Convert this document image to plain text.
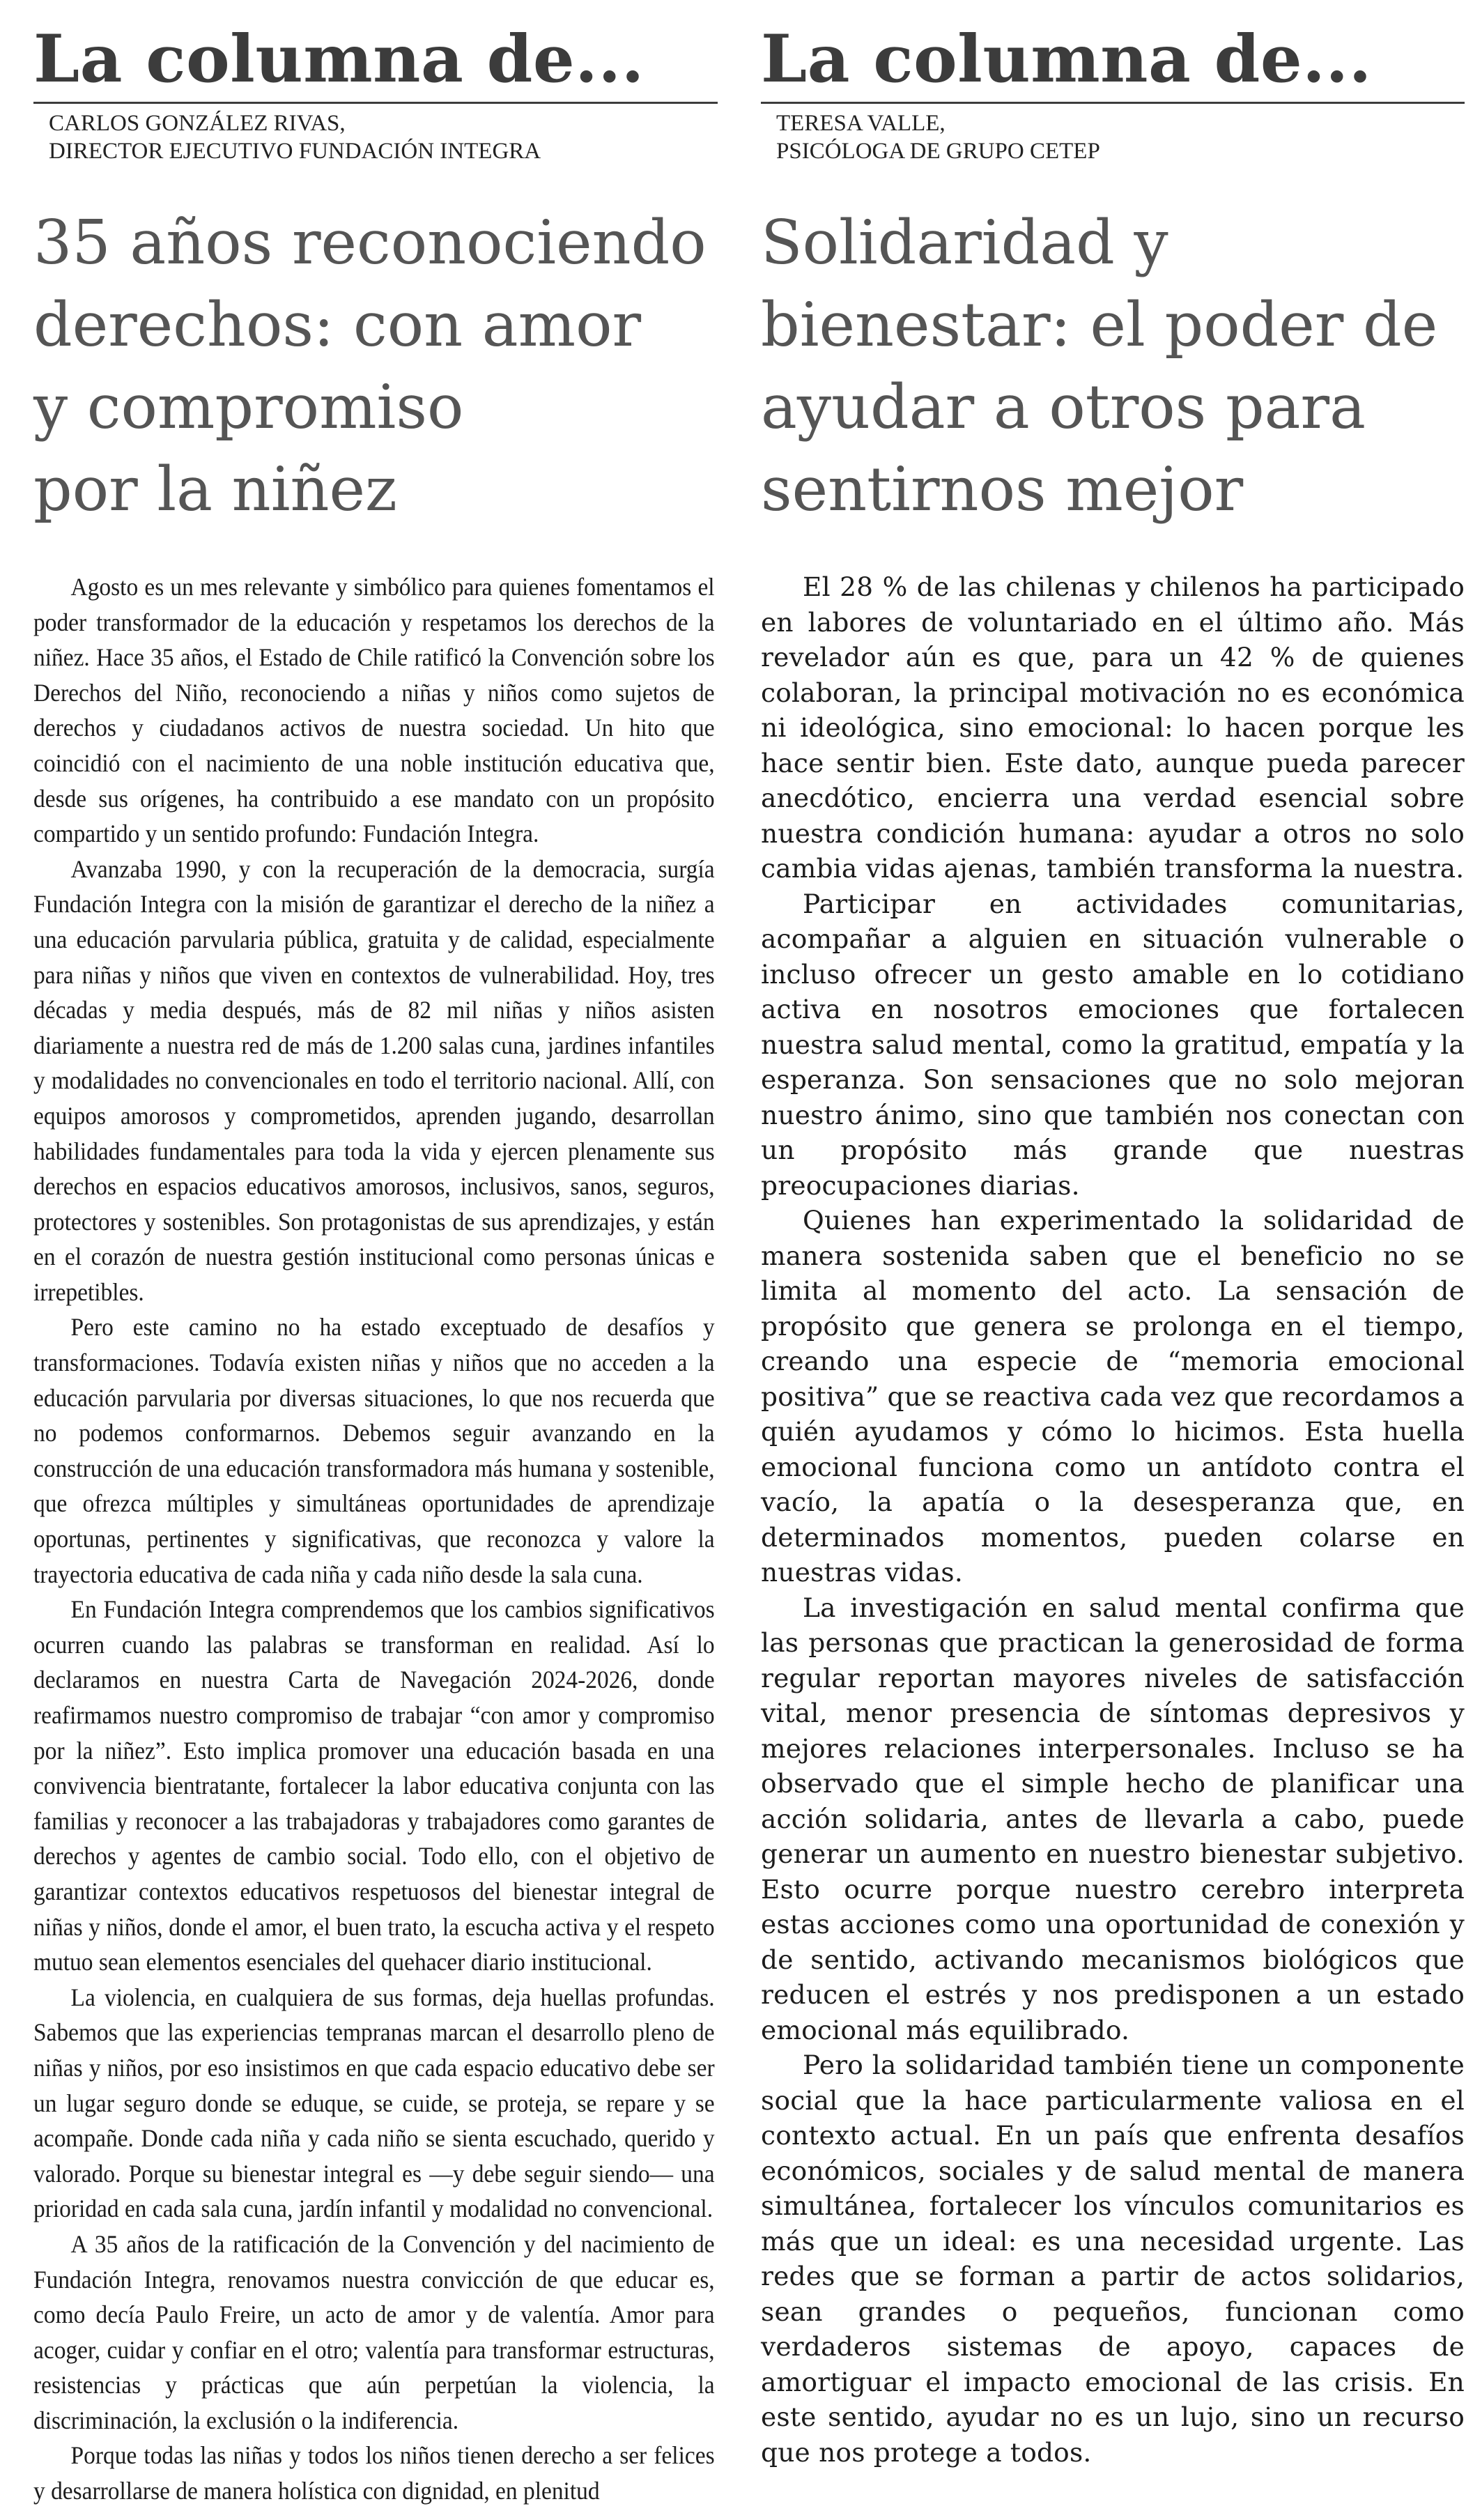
La columna de...
CARLOS GONZÁLEZ RIVAS,
DIRECTOR EJECUTIVO FUNDACIÓN INTEGRA
35 años reconociendo
derechos: con amor
y compromiso
por la niñez

Agosto es un mes relevante y simbólico para quienes fomentamos el poder transformador de la educación y respetamos los derechos de la niñez. Hace 35 años, el Estado de Chile ratificó la Convención sobre los Derechos del Niño, reconociendo a niñas y niños como sujetos de derechos y ciudadanos activos de nuestra sociedad. Un hito que coincidió con el nacimiento de una noble institución educativa que, desde sus orígenes, ha contribuido a ese mandato con un propósito compartido y un sentido profundo: Fundación Integra.

Avanzaba 1990, y con la recuperación de la democracia, surgía Fundación Integra con la misión de garantizar el derecho de la niñez a una educación parvularia pública, gratuita y de calidad, especialmente para niñas y niños que viven en contextos de vulnerabilidad. Hoy, tres décadas y media después, más de 82 mil niñas y niños asisten diariamente a nuestra red de más de 1.200 salas cuna, jardines infantiles y modalidades no convencionales en todo el territorio nacional. Allí, con equipos amorosos y comprometidos, aprenden jugando, desarrollan habilidades fundamentales para toda la vida y ejercen plenamente sus derechos en espacios educativos amorosos, inclusivos, sanos, seguros, protectores y sostenibles. Son protagonistas de sus aprendizajes, y están en el corazón de nuestra gestión institucional como personas únicas e irrepetibles.

Pero este camino no ha estado exceptuado de desafíos y transformaciones. Todavía existen niñas y niños que no acceden a la educación parvularia por diversas situaciones, lo que nos recuerda que no podemos conformarnos. Debemos seguir avanzando en la construcción de una educación transformadora más humana y sostenible, que ofrezca múltiples y simultáneas oportunidades de aprendizaje oportunas, pertinentes y significativas, que reconozca y valore la trayectoria educativa de cada niña y cada niño desde la sala cuna.

En Fundación Integra comprendemos que los cambios significativos ocurren cuando las palabras se transforman en realidad. Así lo declaramos en nuestra Carta de Navegación 2024-2026, donde reafirmamos nuestro compromiso de trabajar “con amor y compromiso por la niñez”. Esto implica promover una educación basada en una convivencia bientratante, fortalecer la labor educativa conjunta con las familias y reconocer a las trabajadoras y trabajadores como garantes de derechos y agentes de cambio social. Todo ello, con el objetivo de garantizar contextos educativos respetuosos del bienestar integral de niñas y niños, donde el amor, el buen trato, la escucha activa y el respeto mutuo sean elementos esenciales del quehacer diario institucional.

La violencia, en cualquiera de sus formas, deja huellas profundas. Sabemos que las experiencias tempranas marcan el desarrollo pleno de niñas y niños, por eso insistimos en que cada espacio educativo debe ser un lugar seguro donde se eduque, se cuide, se proteja, se repare y se acompañe. Donde cada niña y cada niño se sienta escuchado, querido y valorado. Porque su bienestar integral es —y debe seguir siendo— una prioridad en cada sala cuna, jardín infantil y modalidad no convencional.

A 35 años de la ratificación de la Convención y del nacimiento de Fundación Integra, renovamos nuestra convicción de que educar es, como decía Paulo Freire, un acto de amor y de valentía. Amor para acoger, cuidar y confiar en el otro; valentía para transformar estructuras, resistencias y prácticas que aún perpetúan la violencia, la discriminación, la exclusión o la indiferencia.

Porque todas las niñas y todos los niños tienen derecho a ser felices y desarrollarse de manera holística con dignidad, en plenitud

La columna de...
TERESA VALLE,
PSICÓLOGA DE GRUPO CETEP
Solidaridad y
bienestar: el poder de
ayudar a otros para
sentirnos mejor

El 28 % de las chilenas y chilenos ha participado en labores de voluntariado en el último año. Más revelador aún es que, para un 42 % de quienes colaboran, la principal motivación no es económica ni ideológica, sino emocional: lo hacen porque les hace sentir bien. Este dato, aunque pueda parecer anecdótico, encierra una verdad esencial sobre nuestra condición humana: ayudar a otros no solo cambia vidas ajenas, también transforma la nuestra.

Participar en actividades comunitarias, acompañar a alguien en situación vulnerable o incluso ofrecer un gesto amable en lo cotidiano activa en nosotros emociones que fortalecen nuestra salud mental, como la gratitud, empatía y la esperanza. Son sensaciones que no solo mejoran nuestro ánimo, sino que también nos conectan con un propósito más grande que nuestras preocupaciones diarias.

Quienes han experimentado la solidaridad de manera sostenida saben que el beneficio no se limita al momento del acto. La sensación de propósito que genera se prolonga en el tiempo, creando una especie de “memoria emocional positiva” que se reactiva cada vez que recordamos a quién ayudamos y cómo lo hicimos. Esta huella emocional funciona como un antídoto contra el vacío, la apatía o la desesperanza que, en determinados momentos, pueden colarse en nuestras vidas.

La investigación en salud mental confirma que las personas que practican la generosidad de forma regular reportan mayores niveles de satisfacción vital, menor presencia de síntomas depresivos y mejores relaciones interpersonales. Incluso se ha observado que el simple hecho de planificar una acción solidaria, antes de llevarla a cabo, puede generar un aumento en nuestro bienestar subjetivo. Esto ocurre porque nuestro cerebro interpreta estas acciones como una oportunidad de conexión y de sentido, activando mecanismos biológicos que reducen el estrés y nos predisponen a un estado emocional más equilibrado.

Pero la solidaridad también tiene un componente social que la hace particularmente valiosa en el contexto actual. En un país que enfrenta desafíos económicos, sociales y de salud mental de manera simultánea, fortalecer los vínculos comunitarios es más que un ideal: es una necesidad urgente. Las redes que se forman a partir de actos solidarios, sean grandes o pequeños, funcionan como verdaderos sistemas de apoyo, capaces de amortiguar el impacto emocional de las crisis. En este sentido, ayudar no es un lujo, sino un recurso que nos protege a todos.
